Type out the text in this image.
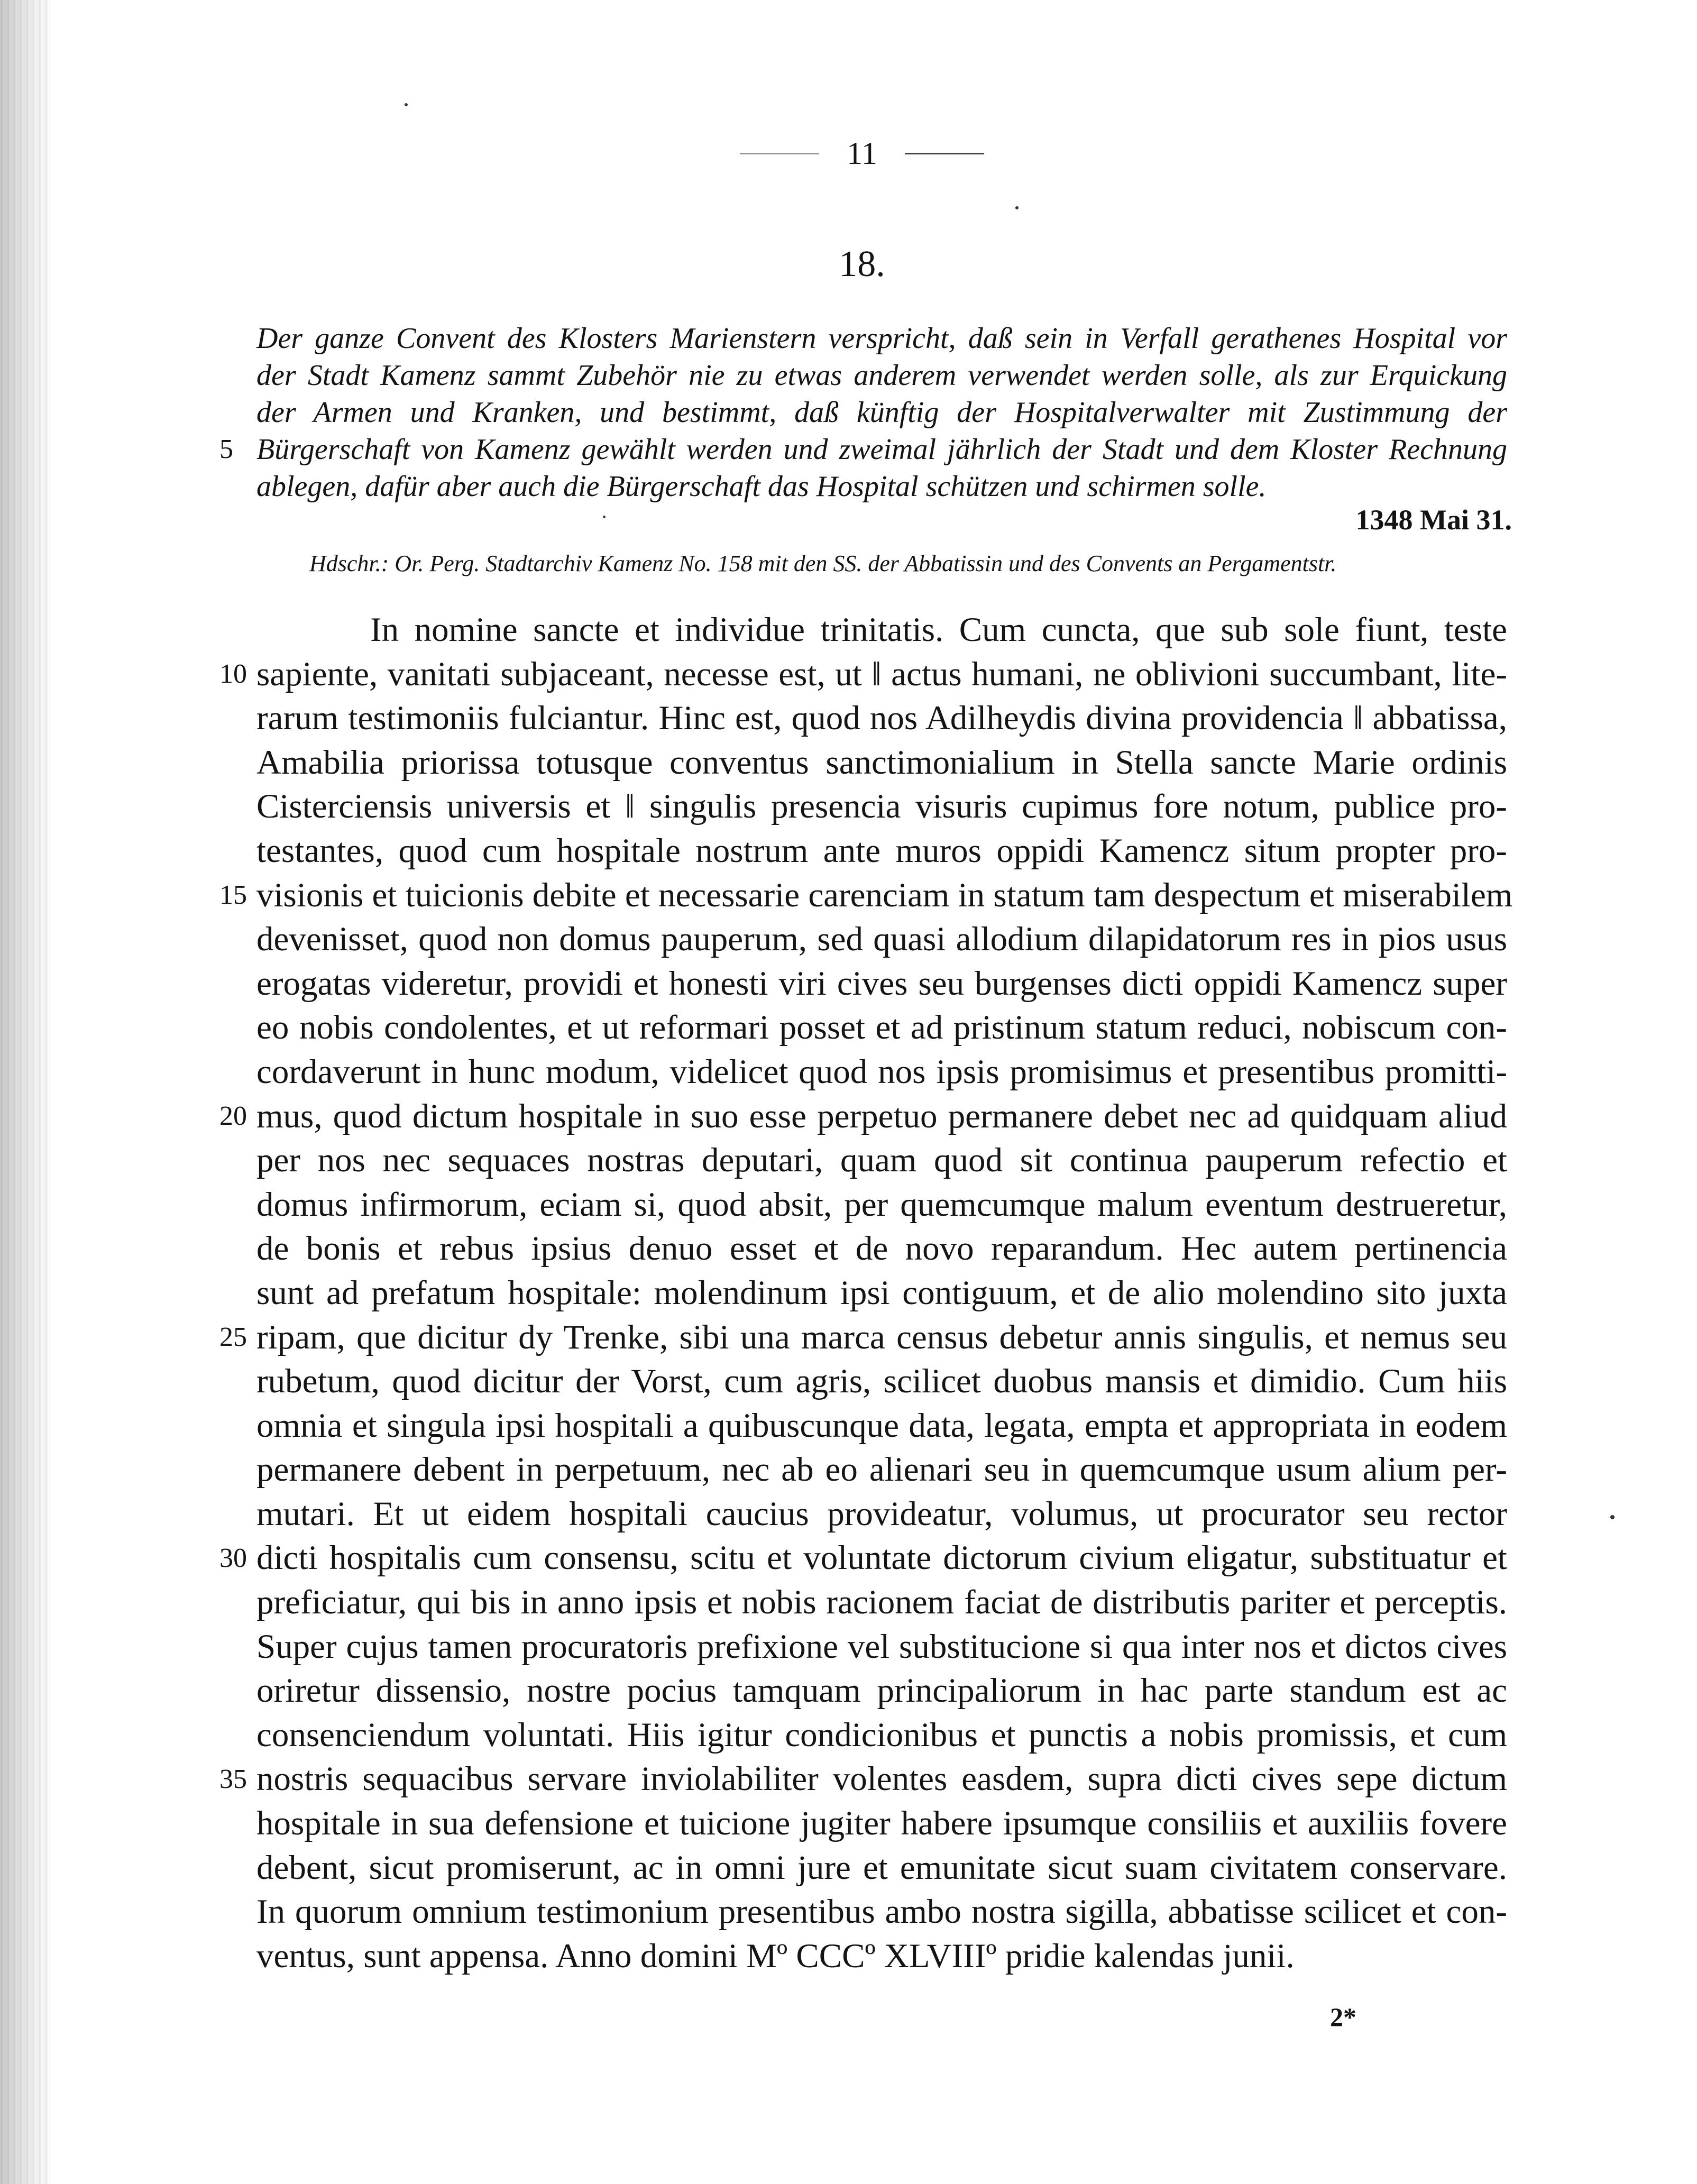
11
18.
Der ganze Convent des Klosters Marienstern verspricht, daß sein in Verfall gerathenes Hospital vor
der Stadt Kamenz sammt Zubehör nie zu etwas anderem verwendet werden solle, als zur Erquickung
der Armen und Kranken, und bestimmt, daß künftig der Hospitalverwalter mit Zustimmung der
Bürgerschaft von Kamenz gewählt werden und zweimal jährlich der Stadt und dem Kloster Rechnung
ablegen, dafür aber auch die Bürgerschaft das Hospital schützen und schirmen solle.
5
1348 Mai 31.
Hdschr.: Or. Perg. Stadtarchiv Kamenz No. 158 mit den SS. der Abbatissin und des Convents an Pergamentstr.
In nomine sancte et individue trinitatis. Cum cuncta, que sub sole fiunt, teste
sapiente, vanitati subjaceant, necesse est, ut ‖ actus humani, ne oblivioni succumbant, lite-
rarum testimoniis fulciantur. Hinc est, quod nos Adilheydis divina providencia ‖ abbatissa,
Amabilia priorissa totusque conventus sanctimonialium in Stella sancte Marie ordinis
Cisterciensis universis et ‖ singulis presencia visuris cupimus fore notum, publice pro-
testantes, quod cum hospitale nostrum ante muros oppidi Kamencz situm propter pro-
visionis et tuicionis debite et necessarie carenciam in statum tam despectum et miserabilem
devenisset, quod non domus pauperum, sed quasi allodium dilapidatorum res in pios usus
erogatas videretur, providi et honesti viri cives seu burgenses dicti oppidi Kamencz super
eo nobis condolentes, et ut reformari posset et ad pristinum statum reduci, nobiscum con-
cordaverunt in hunc modum, videlicet quod nos ipsis promisimus et presentibus promitti-
mus, quod dictum hospitale in suo esse perpetuo permanere debet nec ad quidquam aliud
per nos nec sequaces nostras deputari, quam quod sit continua pauperum refectio et
domus infirmorum, eciam si, quod absit, per quemcumque malum eventum destrueretur,
de bonis et rebus ipsius denuo esset et de novo reparandum. Hec autem pertinencia
sunt ad prefatum hospitale: molendinum ipsi contiguum, et de alio molendino sito juxta
ripam, que dicitur dy Trenke, sibi una marca census debetur annis singulis, et nemus seu
rubetum, quod dicitur der Vorst, cum agris, scilicet duobus mansis et dimidio. Cum hiis
omnia et singula ipsi hospitali a quibuscunque data, legata, empta et appropriata in eodem
permanere debent in perpetuum, nec ab eo alienari seu in quemcumque usum alium per-
mutari. Et ut eidem hospitali caucius provideatur, volumus, ut procurator seu rector
dicti hospitalis cum consensu, scitu et voluntate dictorum civium eligatur, substituatur et
preficiatur, qui bis in anno ipsis et nobis racionem faciat de distributis pariter et perceptis.
Super cujus tamen procuratoris prefixione vel substitucione si qua inter nos et dictos cives
oriretur dissensio, nostre pocius tamquam principaliorum in hac parte standum est ac
consenciendum voluntati. Hiis igitur condicionibus et punctis a nobis promissis, et cum
nostris sequacibus servare inviolabiliter volentes easdem, supra dicti cives sepe dictum
hospitale in sua defensione et tuicione jugiter habere ipsumque consiliis et auxiliis fovere
debent, sicut promiserunt, ac in omni jure et emunitate sicut suam civitatem conservare.
In quorum omnium testimonium presentibus ambo nostra sigilla, abbatisse scilicet et con-
ventus, sunt appensa. Anno domini Mº CCCº XLVIIIº pridie kalendas junii.
10
15
20
25
30
35
2*
